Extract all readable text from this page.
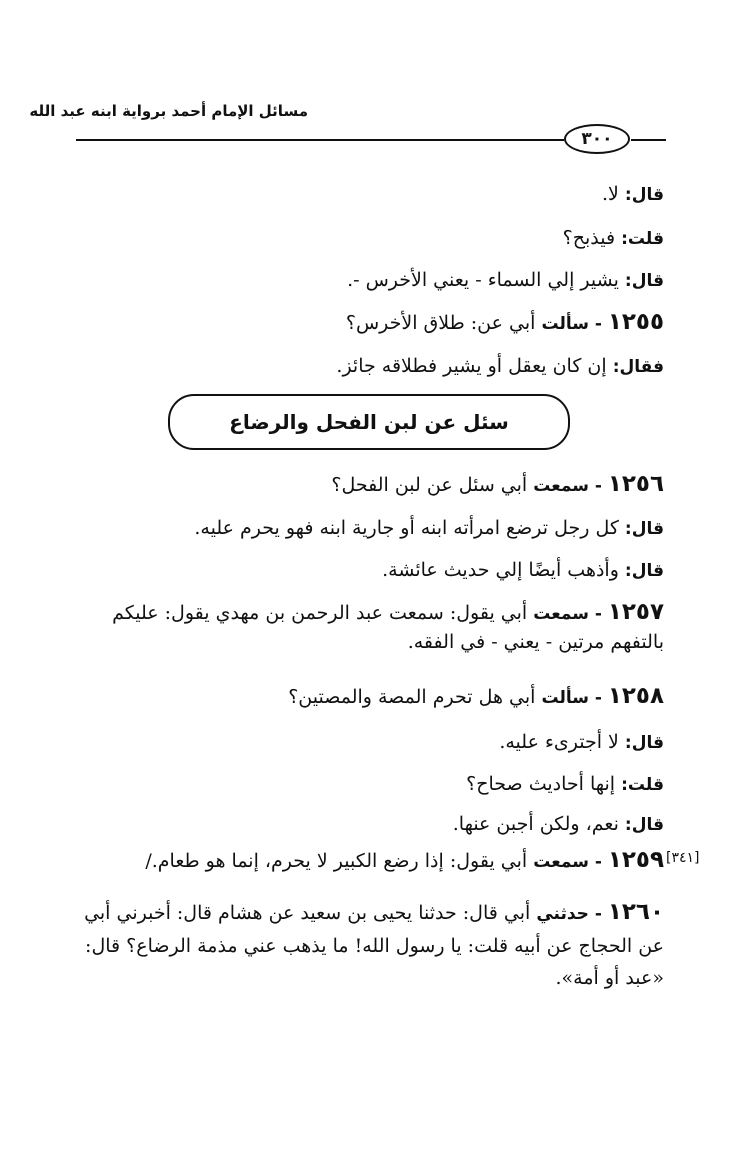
مسائل الإمام أحمد برواية ابنه عبد الله
٣٠٠
قال: لا.
قلت: فيذبح؟
قال: يشير إلي السماء - يعني الأخرس -.
١٢٥٥ - سألت أبي عن: طلاق الأخرس؟
فقال: إن كان يعقل أو يشير فطلاقه جائز.
سئل عن لبن الفحل والرضاع
١٢٥٦ - سمعت أبي سئل عن لبن الفحل؟
قال: كل رجل ترضع امرأته ابنه أو جارية ابنه فهو يحرم عليه.
قال: وأذهب أيضًا إلي حديث عائشة.
١٢٥٧ - سمعت أبي يقول: سمعت عبد الرحمن بن مهدي يقول: عليكم بالتفهم مرتين - يعني - في الفقه.
١٢٥٨ - سألت أبي هل تحرم المصة والمصتين؟
قال: لا أجترىء عليه.
قلت: إنها أحاديث صحاح؟
قال: نعم، ولكن أجبن عنها.
١٢٥٩ - سمعت أبي يقول: إذا رضع الكبير لا يحرم، إنما هو طعام./	[٣٤١]
١٢٦٠ - حدثني أبي قال: حدثنا يحيى بن سعيد عن هشام قال: أخبرني أبي عن الحجاج عن أبيه قلت: يا رسول الله! ما يذهب عني مذمة الرضاع؟ قال: «عبد أو أمة».
